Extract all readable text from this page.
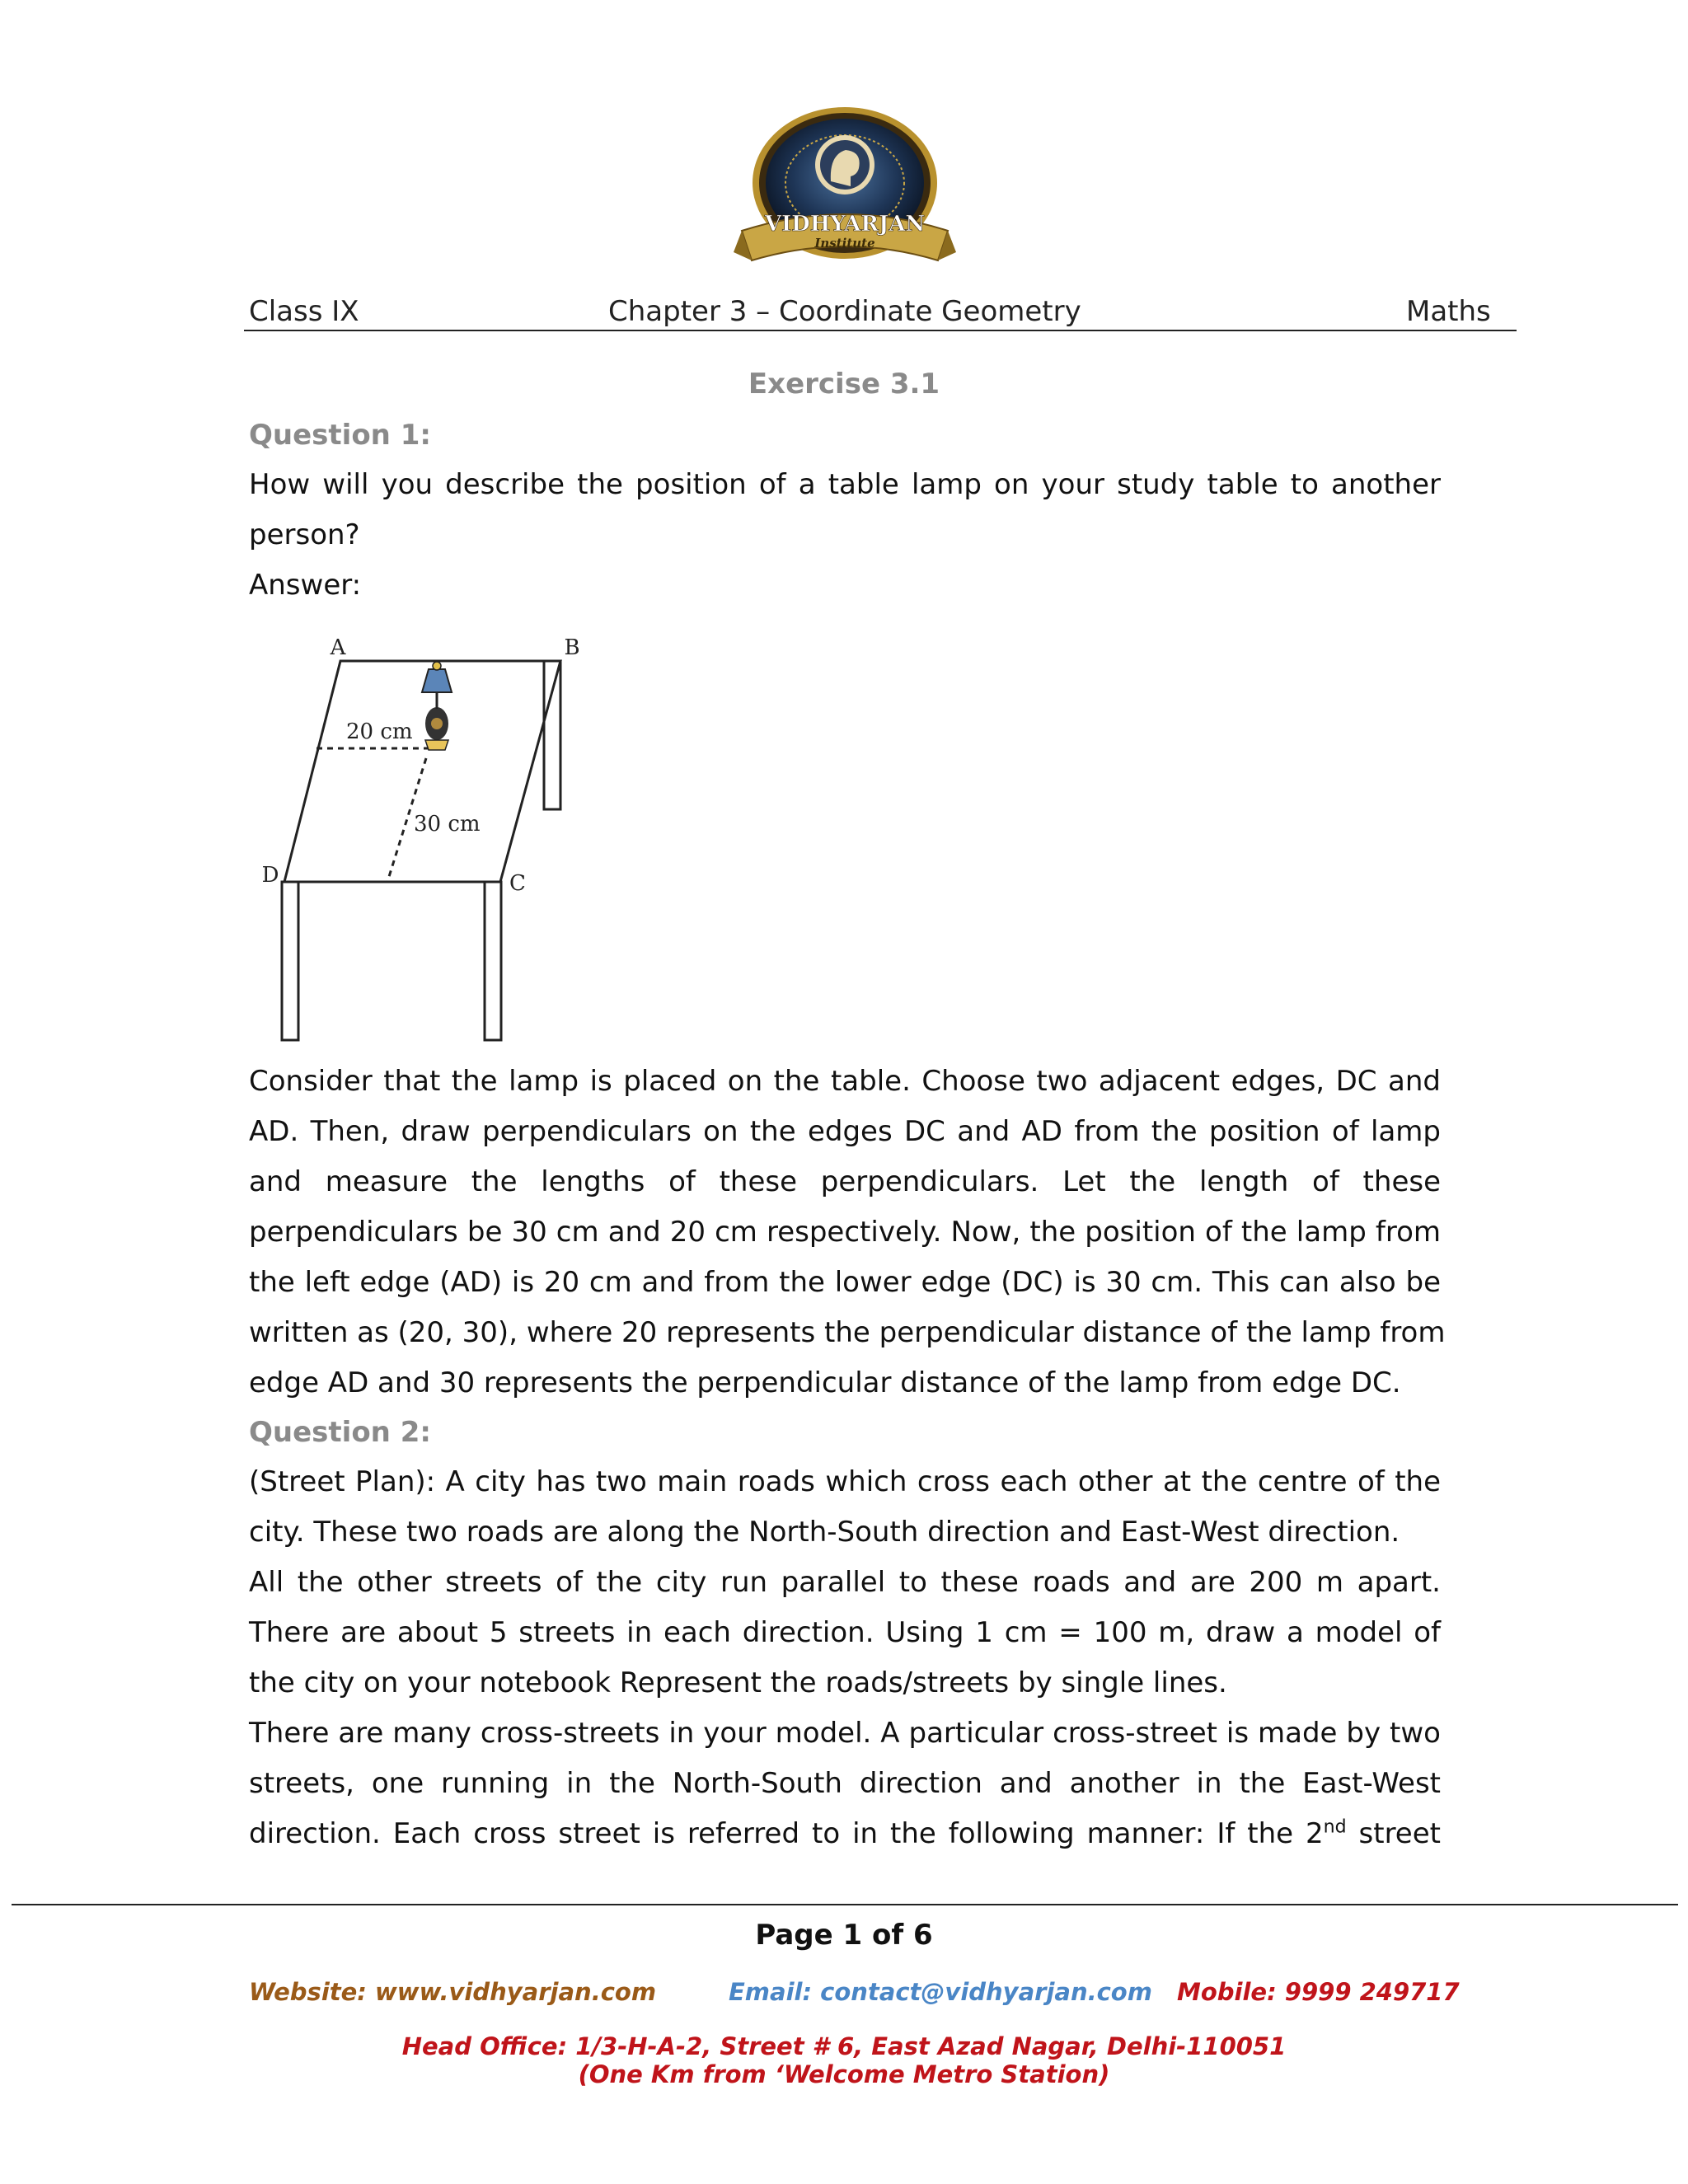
VIDHYARJAN
Institute
Class IX	Chapter 3 – Coordinate Geometry	Maths
Exercise 3.1
Question 1:
How will you describe the position of a table lamp on your study table to another
person?
Answer:
A	B
C
D
20 cm
30 cm
Consider that the lamp is placed on the table. Choose two adjacent edges, DC and
AD. Then, draw perpendiculars on the edges DC and AD from the position of lamp
and measure the lengths of these perpendiculars. Let the length of these
perpendiculars be 30 cm and 20 cm respectively. Now, the position of the lamp from
the left edge (AD) is 20 cm and from the lower edge (DC) is 30 cm. This can also be
written as (20, 30), where 20 represents the perpendicular distance of the lamp from
edge AD and 30 represents the perpendicular distance of the lamp from edge DC.
Question 2:
(Street Plan): A city has two main roads which cross each other at the centre of the
city. These two roads are along the North-South direction and East-West direction.
All the other streets of the city run parallel to these roads and are 200 m apart.
There are about 5 streets in each direction. Using 1 cm = 100 m, draw a model of
the city on your notebook Represent the roads/streets by single lines.
There are many cross-streets in your model. A particular cross-street is made by two
streets, one running in the North-South direction and another in the East-West
direction. Each cross street is referred to in the following manner: If the 2nd street
Page 1 of 6
Website: www.vidhyarjan.com	Email: contact@vidhyarjan.com Mobile: 9999 249717
Head Office: 1/3-H-A-2, Street # 6, East Azad Nagar, Delhi-110051
(One Km from ‘Welcome Metro Station)
